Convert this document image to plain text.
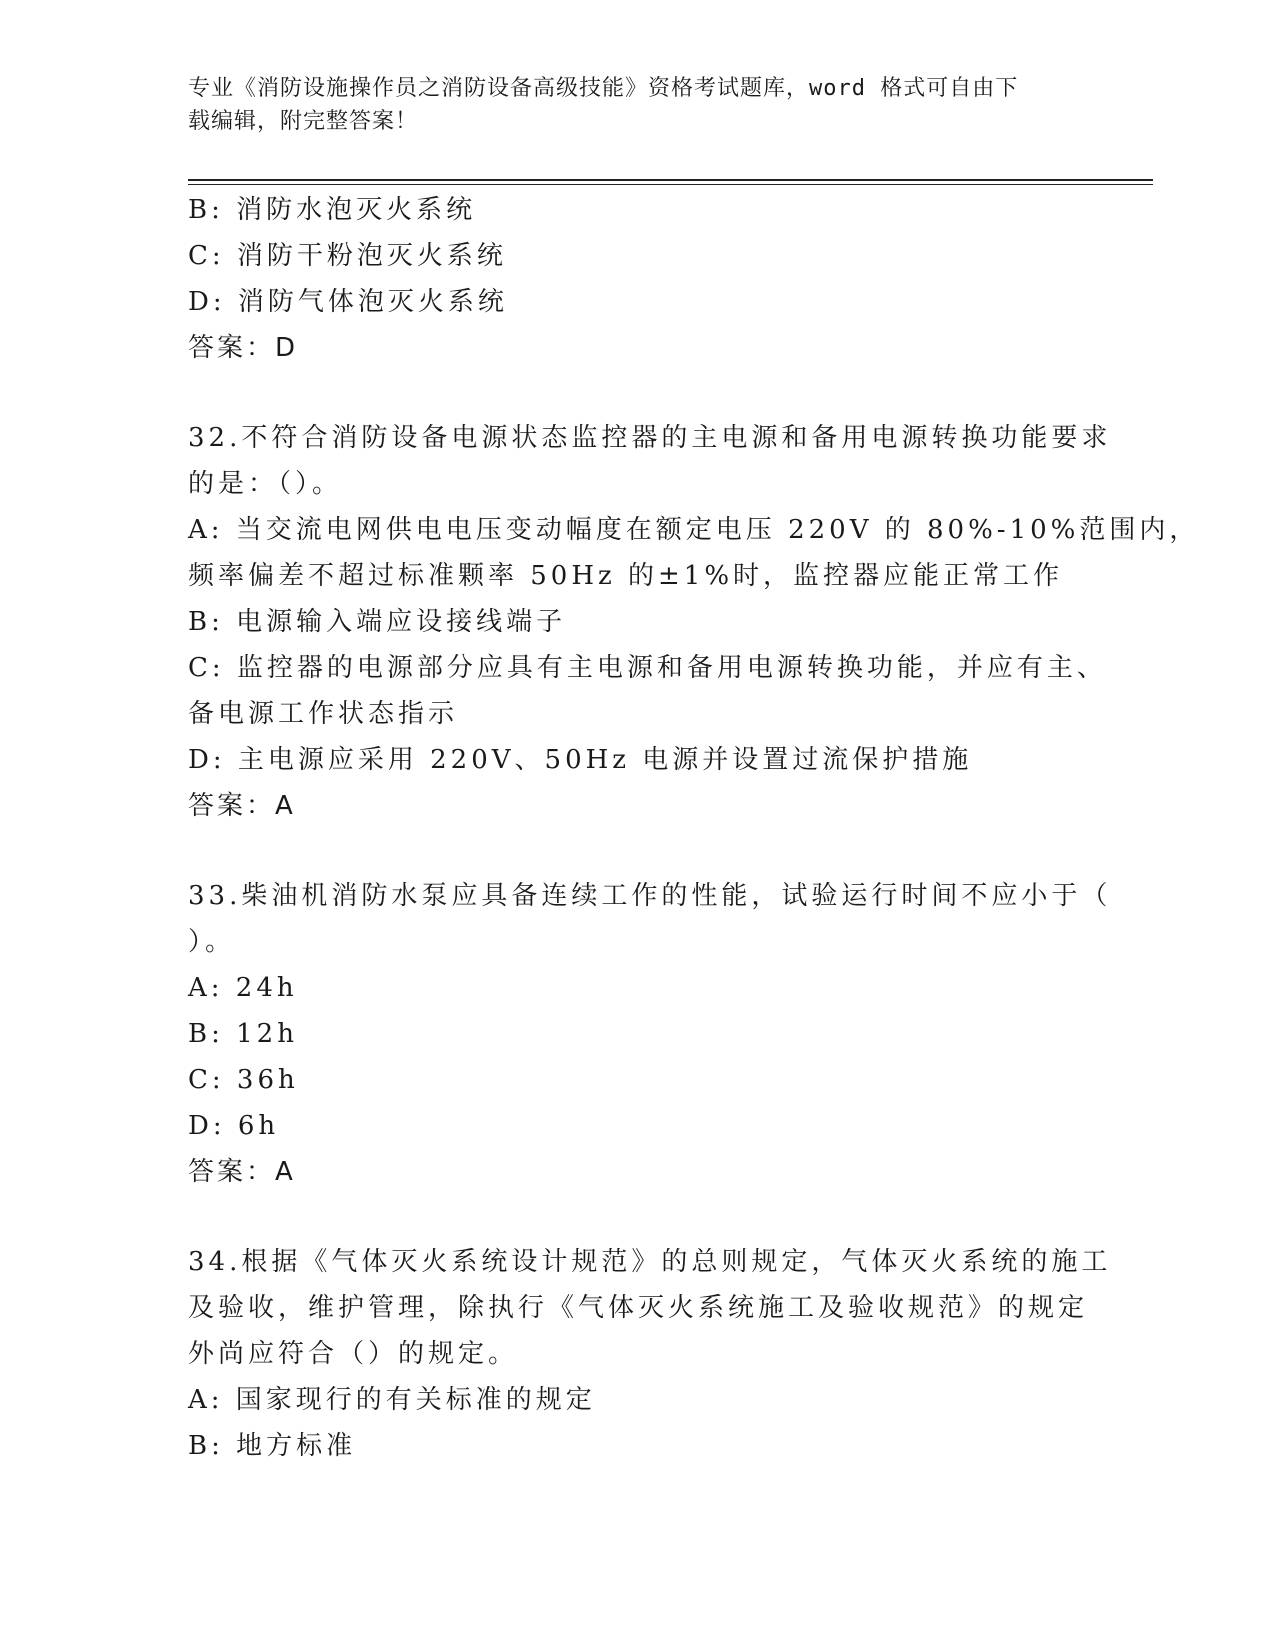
专业《消防设施操作员之消防设备高级技能》资格考试题库，word 格式可自由下
载编辑，附完整答案！

B: 消防水泡灭火系统

C: 消防干粉泡灭火系统

D: 消防气体泡灭火系统

答案：D

32.不符合消防设备电源状态监控器的主电源和备用电源转换功能要求

的是：（）。

A: 当交流电网供电电压变动幅度在额定电压 220V 的 80%-10%范围内，

频率偏差不超过标准颗率 50Hz 的±1%时，监控器应能正常工作

B: 电源输入端应设接线端子

C: 监控器的电源部分应具有主电源和备用电源转换功能，并应有主、

备电源工作状态指示

D: 主电源应采用 220V、50Hz 电源并设置过流保护措施

答案：A

33.柴油机消防水泵应具备连续工作的性能，试验运行时间不应小于（

）。

A: 24h

B: 12h

C: 36h

D: 6h

答案：A

34.根据《气体灭火系统设计规范》的总则规定，气体灭火系统的施工

及验收，维护管理，除执行《气体灭火系统施工及验收规范》的规定

外尚应符合（）的规定。

A: 国家现行的有关标准的规定

B: 地方标准
